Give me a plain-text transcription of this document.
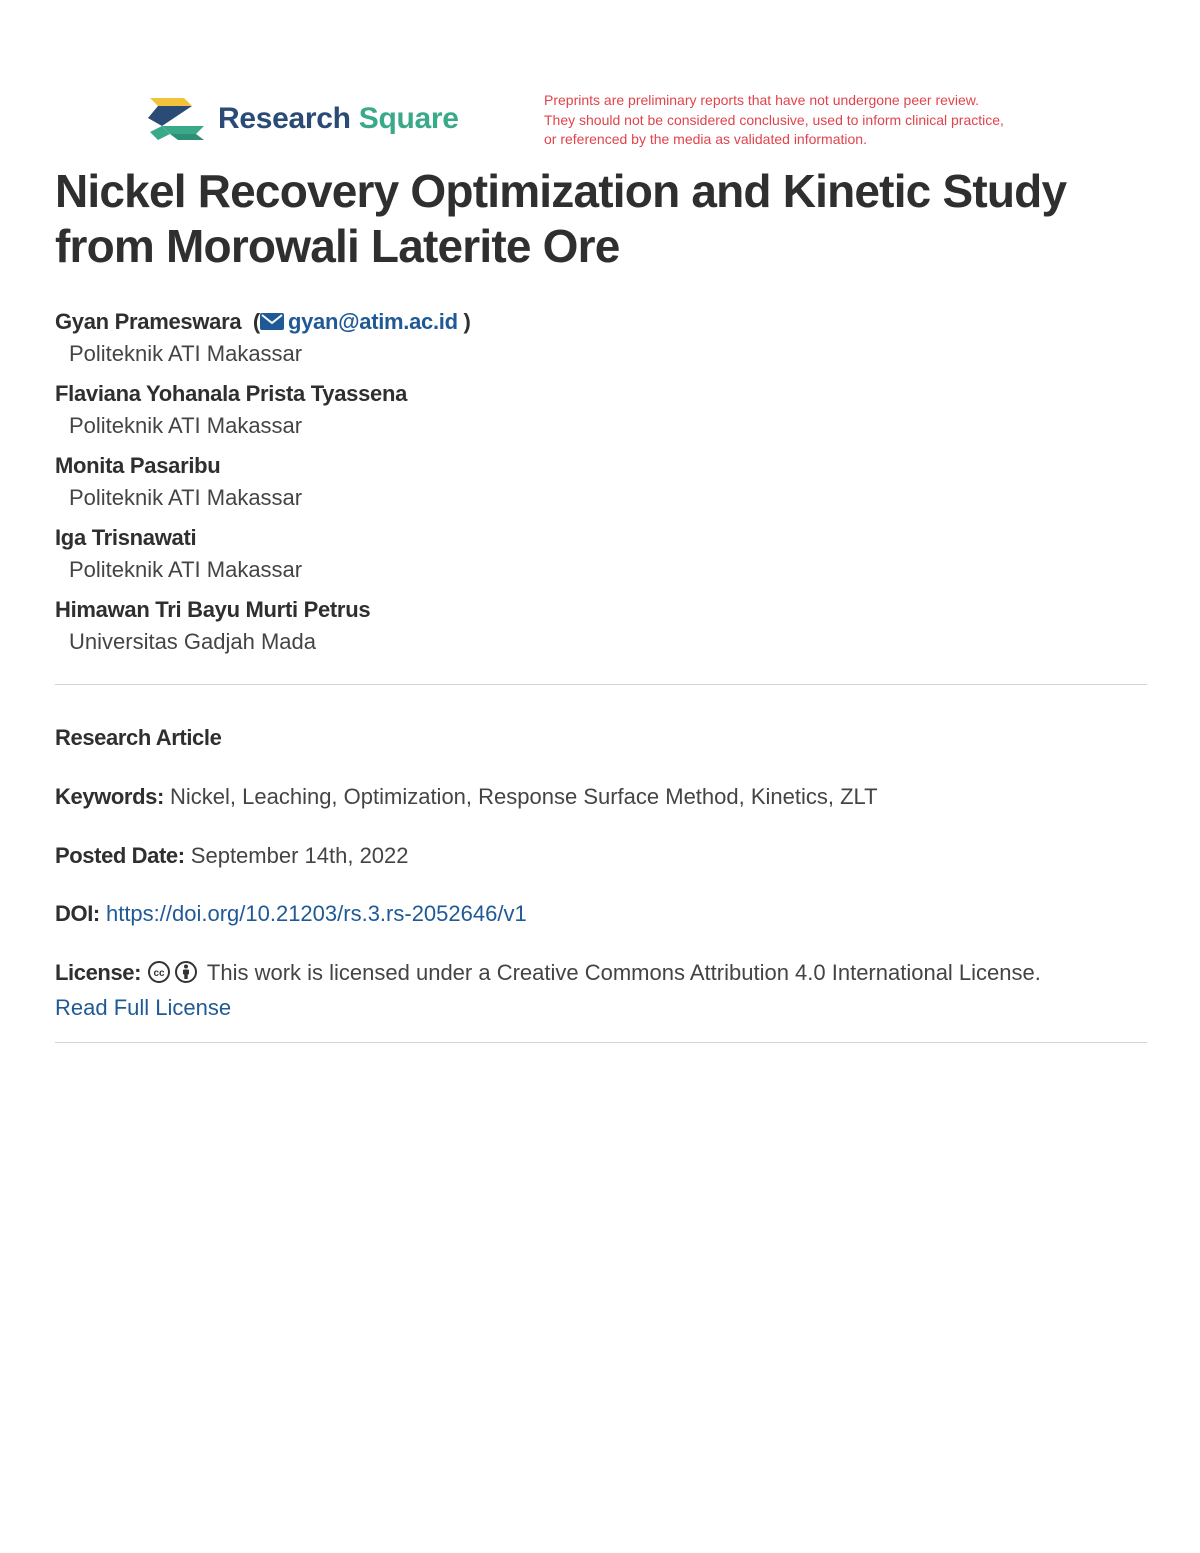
Research Square
Preprints are preliminary reports that have not undergone peer review.
They should not be considered conclusive, used to inform clinical practice,
or referenced by the media as validated information.
Nickel Recovery Optimization and Kinetic Study
from Morowali Laterite Ore
Gyan Prameswara ( gyan@atim.ac.id )
Politeknik ATI Makassar
Flaviana Yohanala Prista Tyassena
Politeknik ATI Makassar
Monita Pasaribu
Politeknik ATI Makassar
Iga Trisnawati
Politeknik ATI Makassar
Himawan Tri Bayu Murti Petrus
Universitas Gadjah Mada
Research Article
Keywords: Nickel, Leaching, Optimization, Response Surface Method, Kinetics, ZLT
Posted Date: September 14th, 2022
DOI: https://doi.org/10.21203/rs.3.rs-2052646/v1
License: cc This work is licensed under a Creative Commons Attribution 4.0 International License.
Read Full License
